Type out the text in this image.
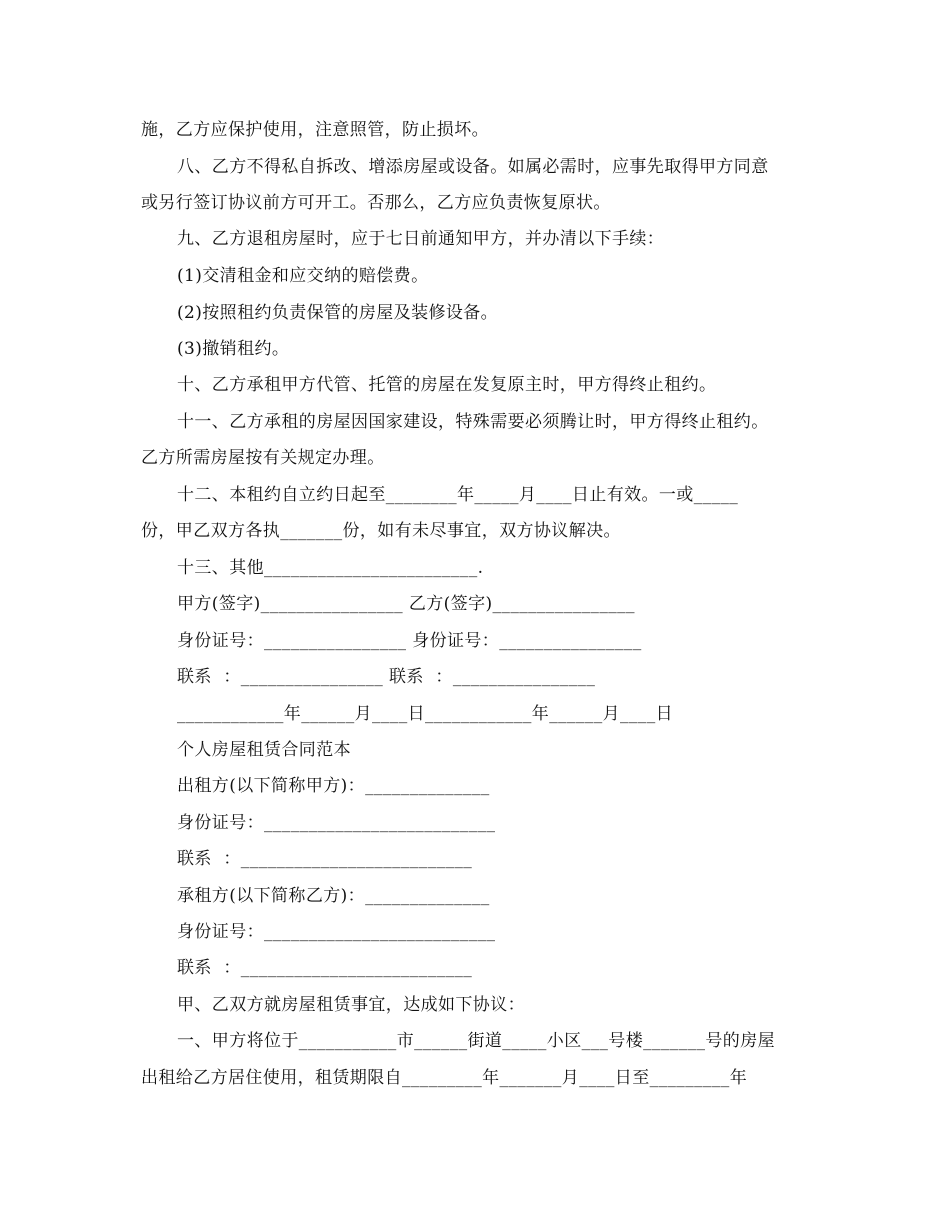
施，乙方应保护使用，注意照管，防止损坏。
八、乙方不得私自拆改、增添房屋或设备。如属必需时，应事先取得甲方同意
或另行签订协议前方可开工。否那么，乙方应负责恢复原状。
九、乙方退租房屋时，应于七日前通知甲方，并办清以下手续：
(1)交清租金和应交纳的赔偿费。
(2)按照租约负责保管的房屋及装修设备。
(3)撤销租约。
十、乙方承租甲方代管、托管的房屋在发复原主时，甲方得终止租约。
十一、乙方承租的房屋因国家建设，特殊需要必须腾让时，甲方得终止租约。
乙方所需房屋按有关规定办理。
十二、本租约自立约日起至________年_____月____日止有效。一或_____
份，甲乙双方各执_______份，如有未尽事宜，双方协议解决。
十三、其他________________________.
甲方(签字)________________ 乙方(签字)________________
身份证号：________________ 身份证号：________________
联系  ：________________ 联系  ：________________
____________年______月____日____________年______月____日
个人房屋租赁合同范本
出租方(以下简称甲方)：______________
身份证号：__________________________
联系  ：__________________________
承租方(以下简称乙方)：______________
身份证号：__________________________
联系  ：__________________________
甲、乙双方就房屋租赁事宜，达成如下协议：
一、甲方将位于___________市______街道_____小区___号楼_______号的房屋
出租给乙方居住使用，租赁期限自_________年_______月____日至_________年
